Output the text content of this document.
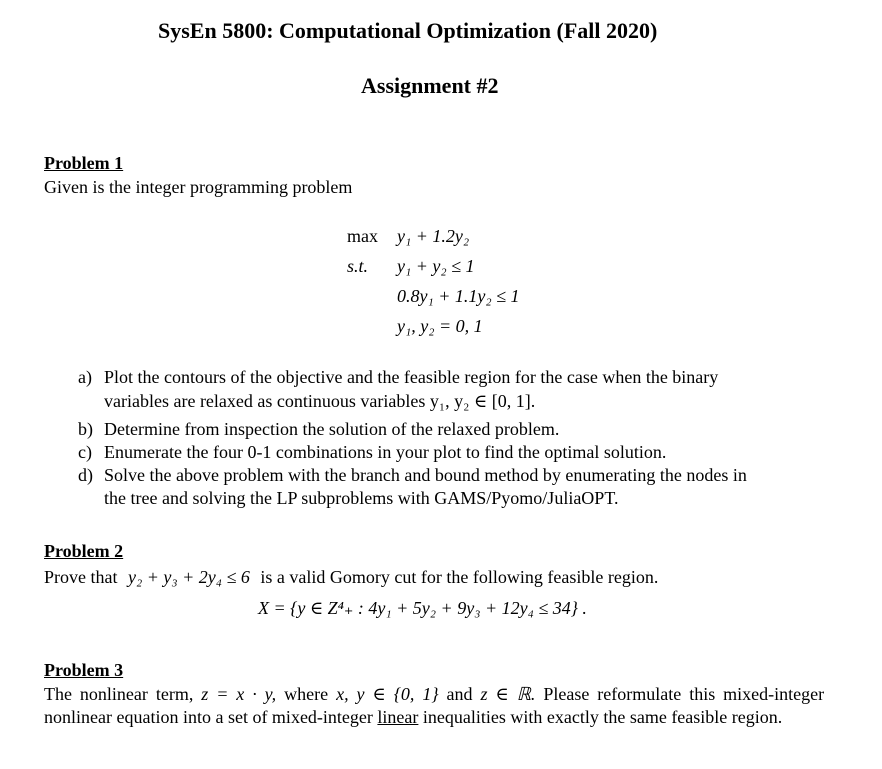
SysEn 5800: Computational Optimization (Fall 2020)
Assignment #2
Problem 1
Given is the integer programming problem
max y₁ + 1.2y₂
s.t. y₁ + y₂ ≤ 1
0.8y₁ + 1.1y₂ ≤ 1
y₁, y₂ = 0, 1
a) Plot the contours of the objective and the feasible region for the case when the binary
variables are relaxed as continuous variables y₁, y₂ ∈ [0, 1].
b) Determine from inspection the solution of the relaxed problem.
c) Enumerate the four 0-1 combinations in your plot to find the optimal solution.
d) Solve the above problem with the branch and bound method by enumerating the nodes in
the tree and solving the LP subproblems with GAMS/Pyomo/JuliaOPT.
Problem 2
Prove that y₂ + y₃ + 2y₄ ≤ 6 is a valid Gomory cut for the following feasible region.
X = {y ∈ Z⁴₊ : 4y₁ + 5y₂ + 9y₃ + 12y₄ ≤ 34} .
Problem 3
The nonlinear term, z = x · y, where x, y ∈ {0, 1} and z ∈ ℝ. Please reformulate this mixed-integer nonlinear equation into a set of mixed-integer linear inequalities with exactly the same feasible region.
